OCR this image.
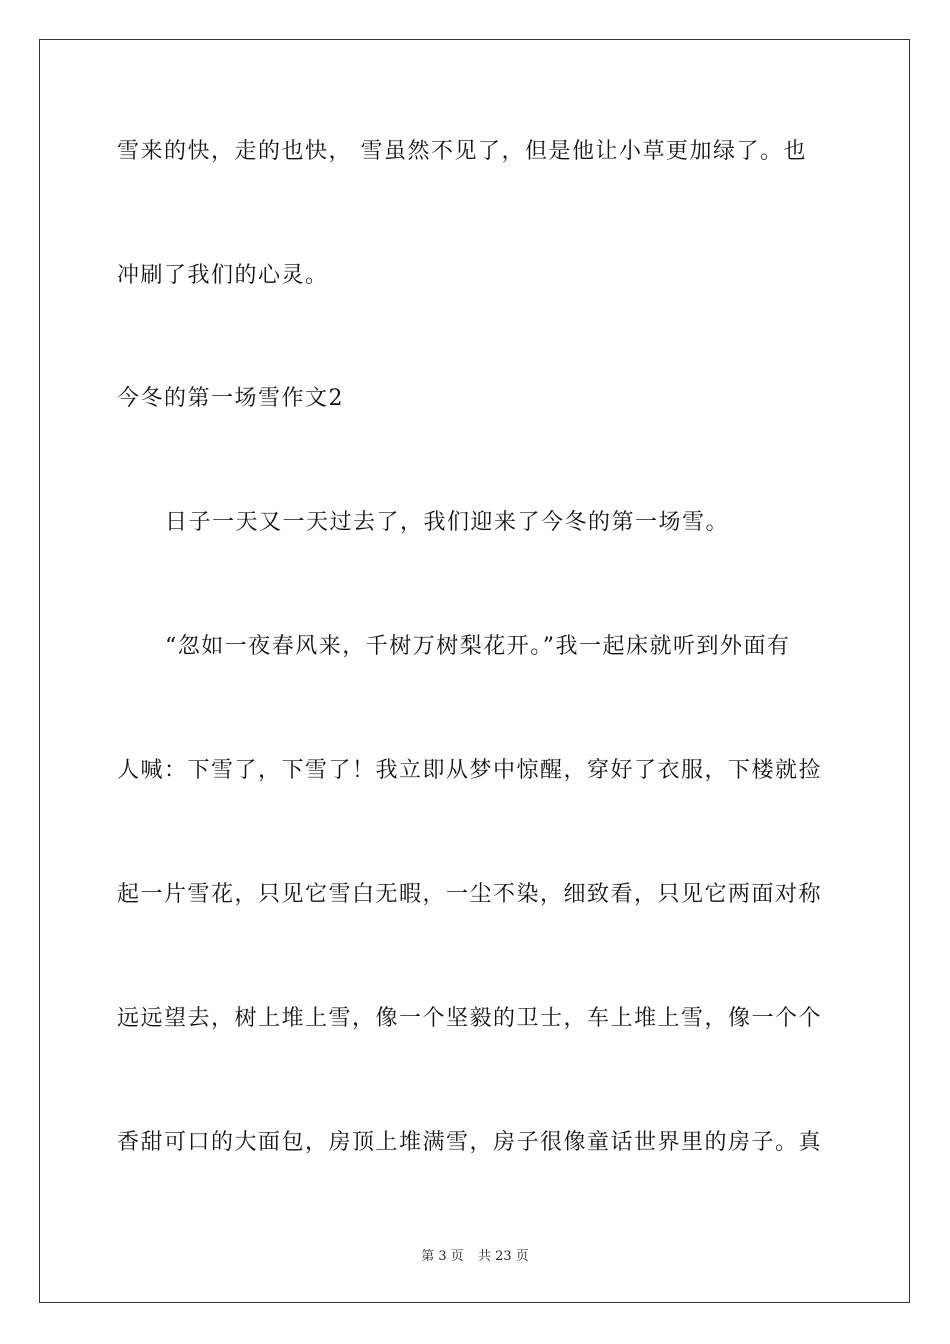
雪来的快，走的也快， 雪虽然不见了，但是他让小草更加绿了。也
冲刷了我们的心灵。
今冬的第一场雪作文2
日子一天又一天过去了，我们迎来了今冬的第一场雪。
“忽如一夜春风来，千树万树梨花开。”我一起床就听到外面有
人喊：下雪了，下雪了！我立即从梦中惊醒，穿好了衣服，下楼就捡
起一片雪花，只见它雪白无暇，一尘不染，细致看，只见它两面对称
远远望去，树上堆上雪，像一个坚毅的卫士，车上堆上雪，像一个个
香甜可口的大面包，房顶上堆满雪，房子很像童话世界里的房子。真
第 3 页 共 23 页
